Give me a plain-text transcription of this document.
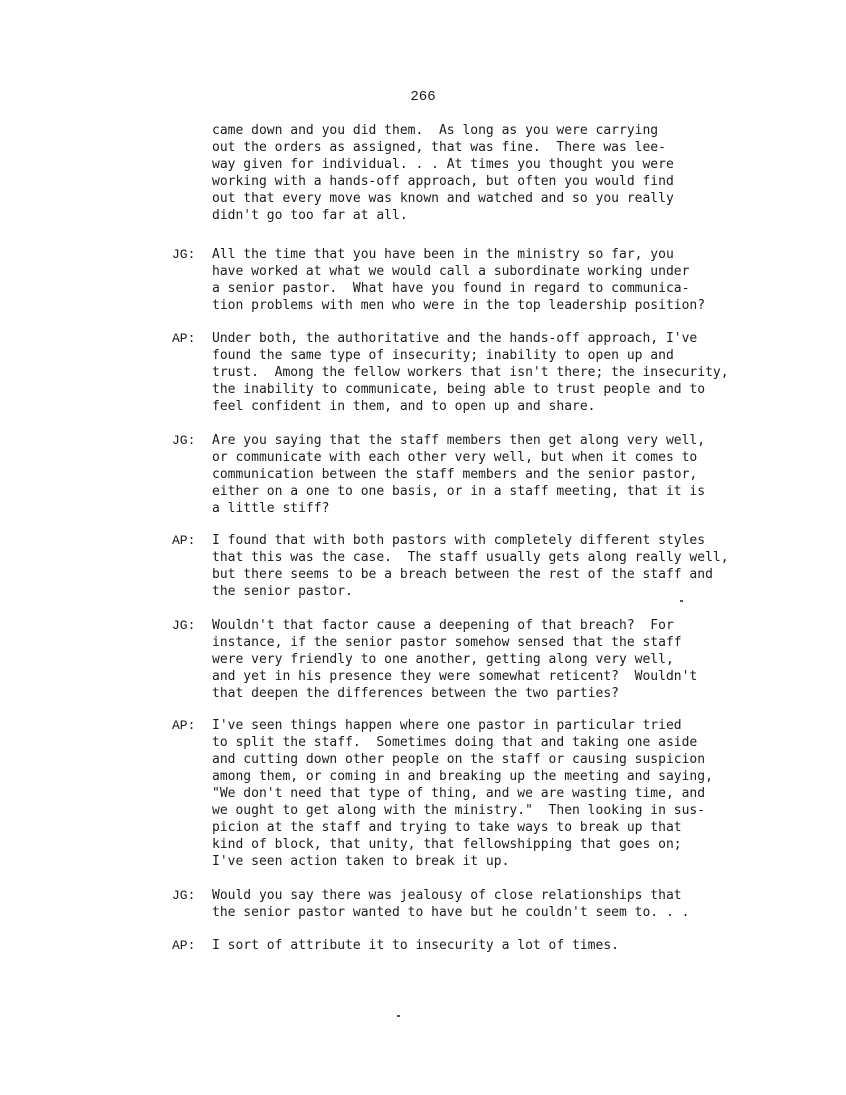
266
came down and you did them.  As long as you were carrying
out the orders as assigned, that was fine.  There was lee-
way given for individual. . . At times you thought you were
working with a hands-off approach, but often you would find
out that every move was known and watched and so you really
didn't go too far at all.
JG:	All the time that you have been in the ministry so far, you
have worked at what we would call a subordinate working under
a senior pastor.  What have you found in regard to communica-
tion problems with men who were in the top leadership position?
AP:	Under both, the authoritative and the hands-off approach, I've
found the same type of insecurity; inability to open up and
trust.  Among the fellow workers that isn't there; the insecurity,
the inability to communicate, being able to trust people and to
feel confident in them, and to open up and share.
JG:	Are you saying that the staff members then get along very well,
or communicate with each other very well, but when it comes to
communication between the staff members and the senior pastor,
either on a one to one basis, or in a staff meeting, that it is
a little stiff?
AP:	I found that with both pastors with completely different styles
that this was the case.  The staff usually gets along really well,
but there seems to be a breach between the rest of the staff and
the senior pastor.
JG:	Wouldn't that factor cause a deepening of that breach?  For
instance, if the senior pastor somehow sensed that the staff
were very friendly to one another, getting along very well,
and yet in his presence they were somewhat reticent?  Wouldn't
that deepen the differences between the two parties?
AP:	I've seen things happen where one pastor in particular tried
to split the staff.  Sometimes doing that and taking one aside
and cutting down other people on the staff or causing suspicion
among them, or coming in and breaking up the meeting and saying,
"We don't need that type of thing, and we are wasting time, and
we ought to get along with the ministry."  Then looking in sus-
picion at the staff and trying to take ways to break up that
kind of block, that unity, that fellowshipping that goes on;
I've seen action taken to break it up.
JG:	Would you say there was jealousy of close relationships that
the senior pastor wanted to have but he couldn't seem to. . .
AP:	I sort of attribute it to insecurity a lot of times.
